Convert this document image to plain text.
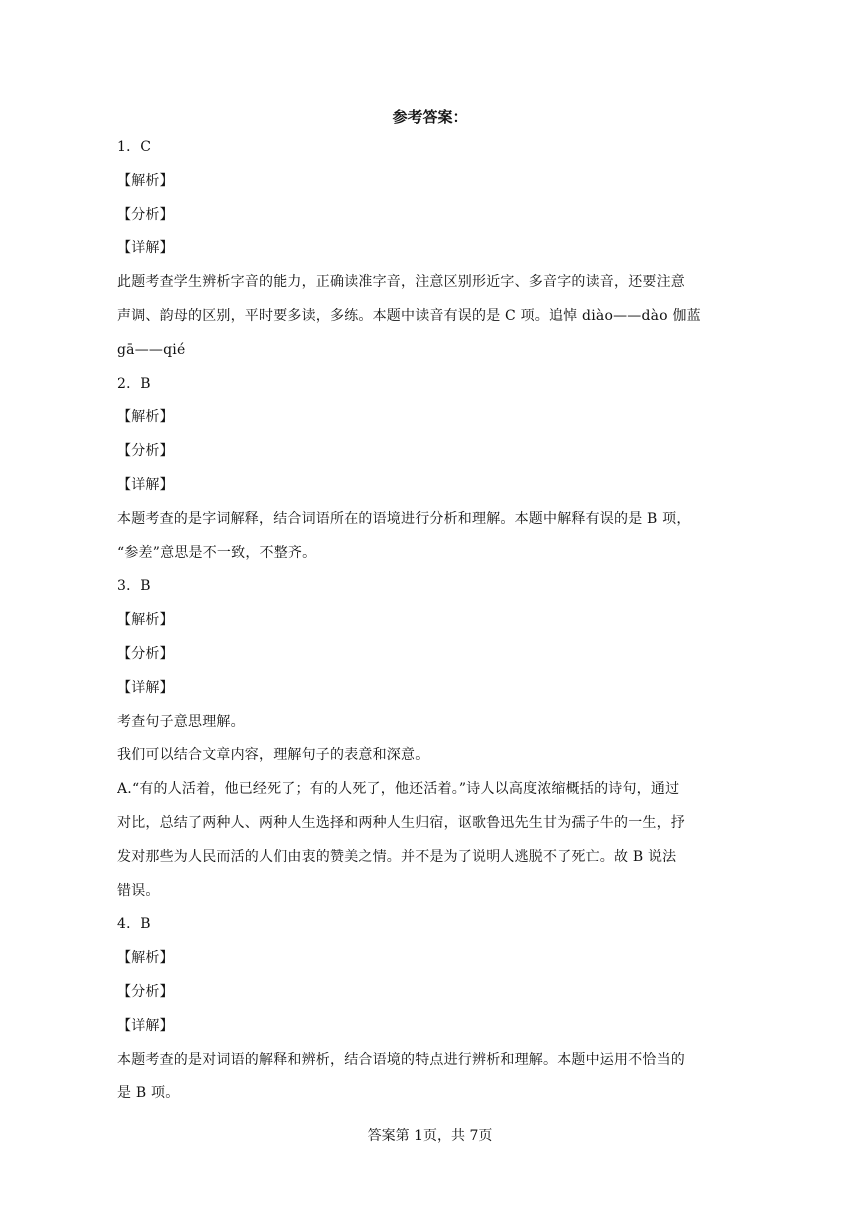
参考答案：
1．C
【解析】
【分析】
【详解】
此题考查学生辨析字音的能力，正确读准字音，注意区别形近字、多音字的读音，还要注意
声调、韵母的区别，平时要多读，多练。本题中读音有误的是 C 项。追悼 diào——dào 伽蓝
gā——qié
2．B
【解析】
【分析】
【详解】
本题考查的是字词解释，结合词语所在的语境进行分析和理解。本题中解释有误的是 B 项，
“参差”意思是不一致，不整齐。
3．B
【解析】
【分析】
【详解】
考查句子意思理解。
我们可以结合文章内容，理解句子的表意和深意。
A.“有的人活着，他已经死了；有的人死了，他还活着。”诗人以高度浓缩概括的诗句，通过
对比，总结了两种人、两种人生选择和两种人生归宿，讴歌鲁迅先生甘为孺子牛的一生，抒
发对那些为人民而活的人们由衷的赞美之情。并不是为了说明人逃脱不了死亡。故 B 说法
错误。
4．B
【解析】
【分析】
【详解】
本题考查的是对词语的解释和辨析，结合语境的特点进行辨析和理解。本题中运用不恰当的
是 B 项。
答案第 1页，共 7页
